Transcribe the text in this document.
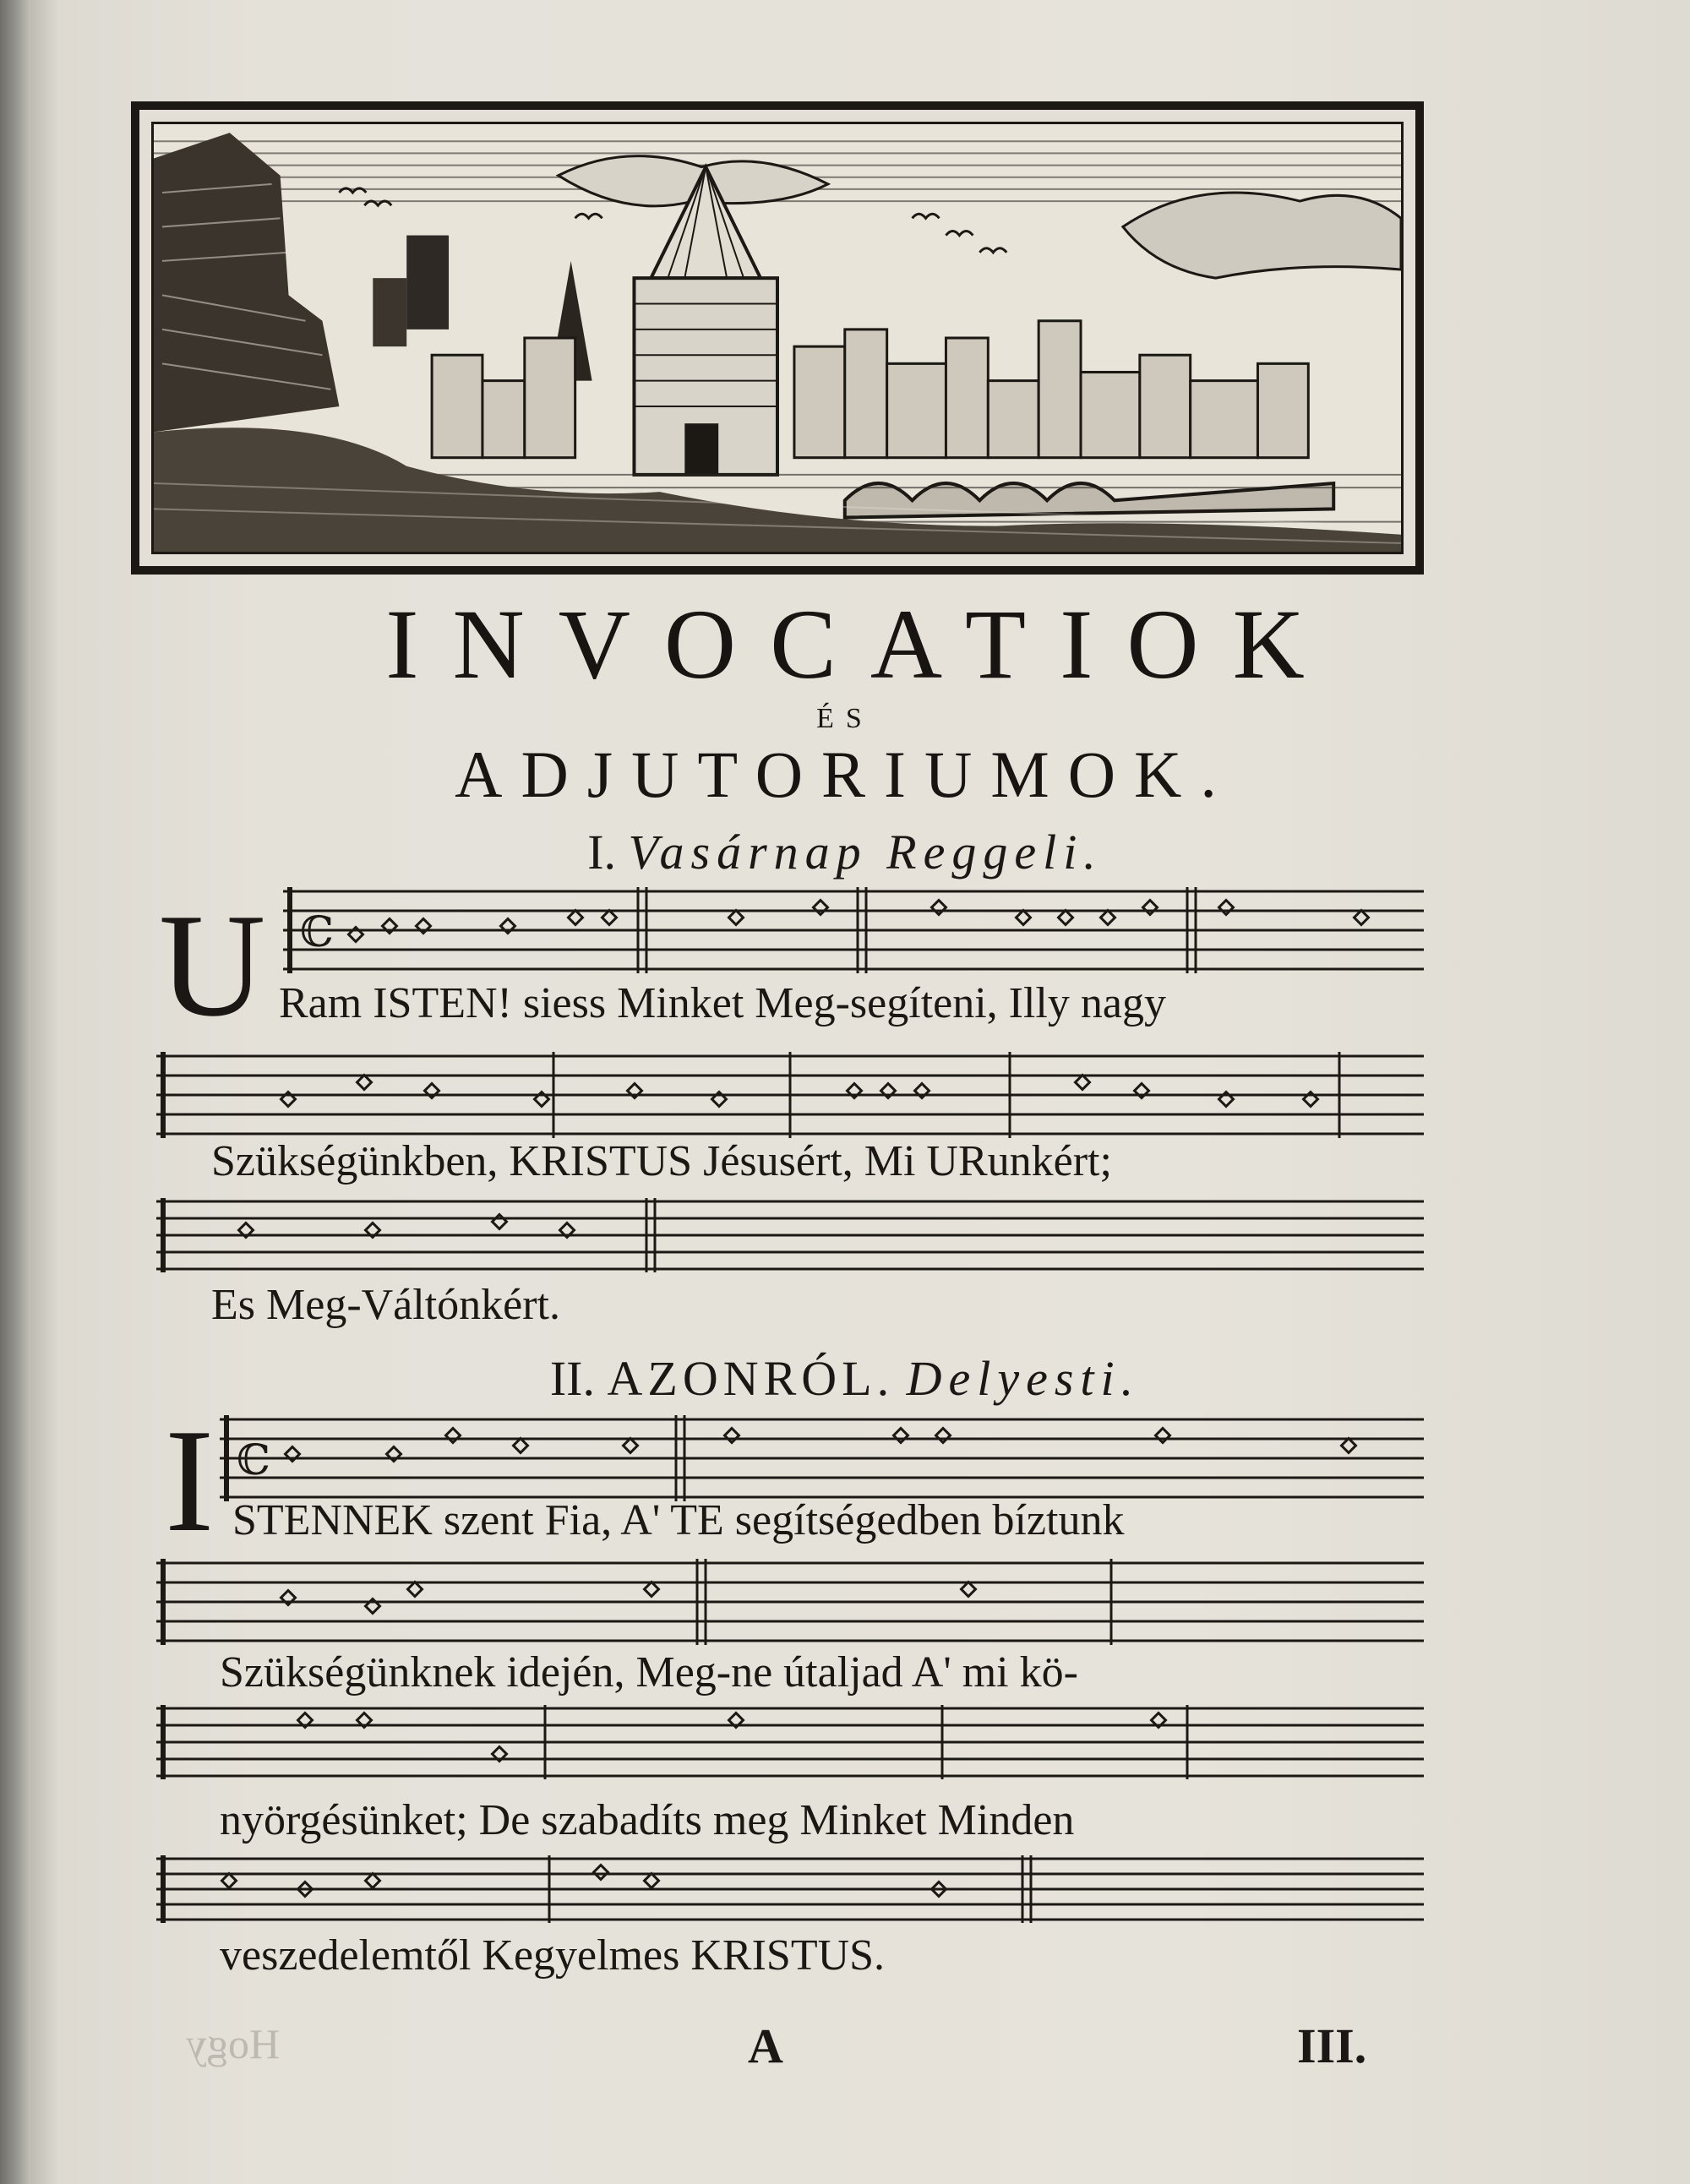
INVOCATIOK
ÉS
ADJUTORIUMOK.
I. Vasárnap Reggeli.
U ℂ
Ram ISTEN! siess Minket Meg-segíteni, Illy nagy
Szükségünkben, KRISTUS Jésusért, Mi URunkért;
Es Meg-Váltónkért.
II. AZONRÓL. Delyesti.
I ℂ
STENNEK szent Fia, A' TE segítségedben bíztunk
Szükségünknek idején, Meg-ne útaljad A' mi kö-
nyörgésünket; De szabadíts meg Minket Minden
veszedelemtől Kegyelmes KRISTUS.
Hogy	A	III.
